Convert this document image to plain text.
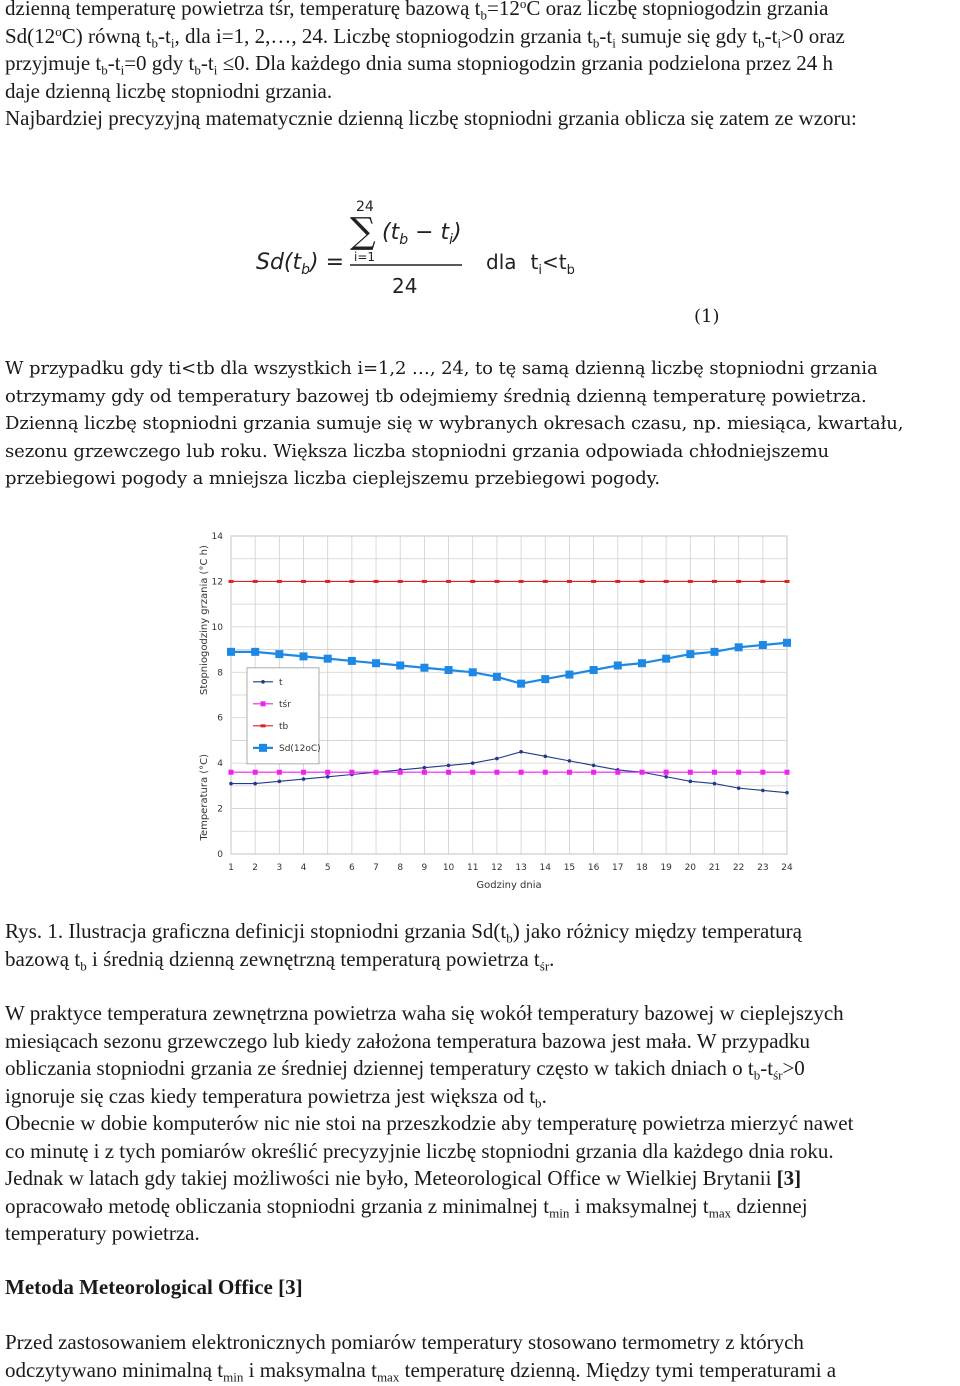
dzienną temperaturę powietrza tśr, temperaturę bazową $t_b=12^oC$ oraz liczbę stopniogodzin grzania
Sd(12$^o$C) równą $t_b-t_i$, dla i=1, 2,…, 24. Liczbę stopniogodzin grzania $t_b-t_i$ sumuje się gdy $t_b-t_i>0$ oraz
przyjmuje $t_b-t_i=0$ gdy $t_b-t_i \le 0$. Dla każdego dnia suma stopniogodzin grzania podzielona przez 24 h
daje dzienną liczbę stopniodni grzania.
Najbardziej precyzyjną matematycznie dzienną liczbę stopniodni grzania oblicza się zatem ze wzoru:
$Sd(t_b)$ =
24
∑
i=1
$(t_b - t_i)$
24
dla $t_i<t_b$
(1)
W przypadku gdy ti<tb dla wszystkich i=1,2 …, 24, to tę samą dzienną liczbę stopniodni grzania
otrzymamy gdy od temperatury bazowej tb odejmiemy średnią dzienną temperaturę powietrza.
Dzienną liczbę stopniodni grzania sumuje się w wybranych okresach czasu, np. miesiąca, kwartału,
sezonu grzewczego lub roku. Większa liczba stopniodni grzania odpowiada chłodniejszemu
przebiegowi pogody a mniejsza liczba cieplejszemu przebiegowi pogody.
0
2
4
6
8
10
12
14
1 2 3 4 5 6 7 8 9 10 11 12 13 14 15 16 17 18 19 20 21 22 23 24
Godziny dnia
Stopniogodziny grzania (°C h)
Temperatura (°C)
t
tśr
tb
Sd(12oC)
Rys. 1. Ilustracja graficzna definicji stopniodni grzania $Sd(t_b)$ jako różnicy między temperaturą
bazową $t_b$ i średnią dzienną zewnętrzną temperaturą powietrza $t_{śr}$.
W praktyce temperatura zewnętrzna powietrza waha się wokół temperatury bazowej w cieplejszych
miesiącach sezonu grzewczego lub kiedy założona temperatura bazowa jest mała. W przypadku
obliczania stopniodni grzania ze średniej dziennej temperatury często w takich dniach o $t_b-t_{śr}>0$
ignoruje się czas kiedy temperatura powietrza jest większa od $t_b$.
Obecnie w dobie komputerów nic nie stoi na przeszkodzie aby temperaturę powietrza mierzyć nawet
co minutę i z tych pomiarów określić precyzyjnie liczbę stopniodni grzania dla każdego dnia roku.
Jednak w latach gdy takiej możliwości nie było, Meteorological Office w Wielkiej Brytanii [3]
opracowało metodę obliczania stopniodni grzania z minimalnej $t_{min}$ i maksymalnej $t_{max}$ dziennej
temperatury powietrza.
Metoda Meteorological Office [3]
Przed zastosowaniem elektronicznych pomiarów temperatury stosowano termometry z których
odczytywano minimalną $t_{min}$ i maksymalna $t_{max}$ temperaturę dzienną. Między tymi temperaturami a
